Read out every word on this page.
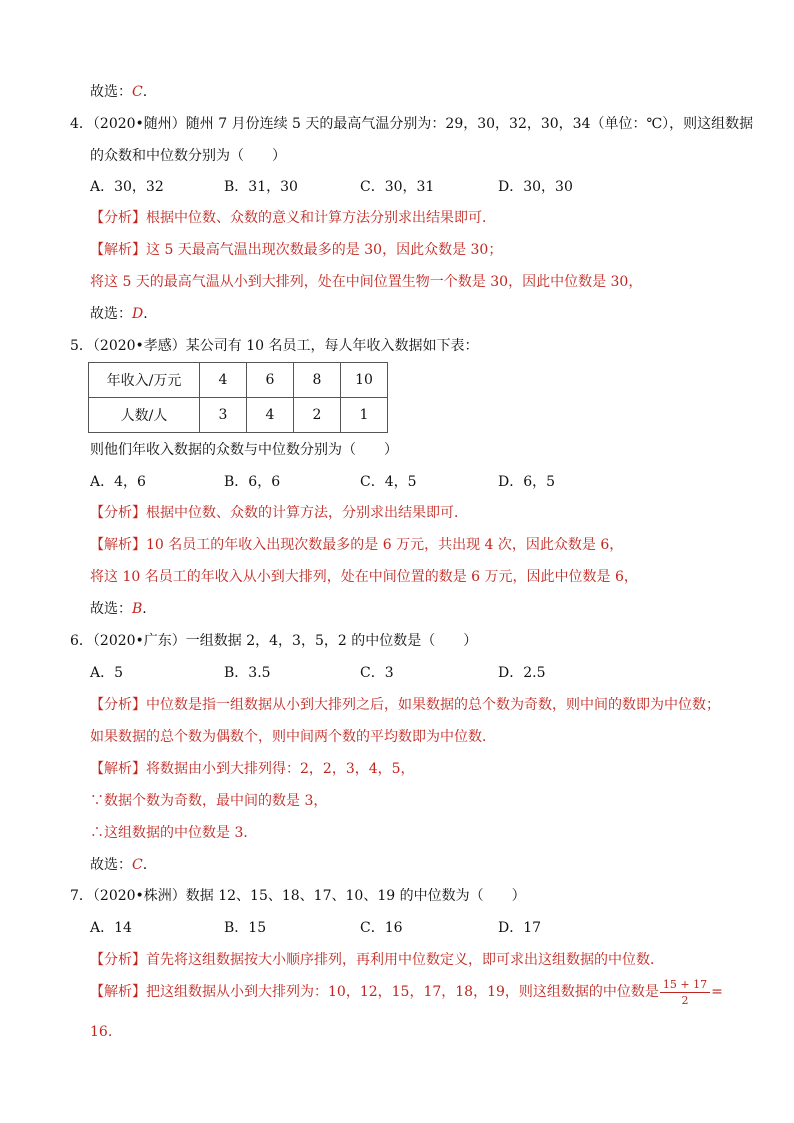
故选：C.
4．（2020•随州）随州 7 月份连续 5 天的最高气温分别为：29，30，32，30，34（单位：℃），则这组数据
的众数和中位数分别为（　　）
A．30，32	B．31，30	C．30，31	D．30，30
【分析】根据中位数、众数的意义和计算方法分别求出结果即可．
【解析】这 5 天最高气温出现次数最多的是 30，因此众数是 30；
将这 5 天的最高气温从小到大排列，处在中间位置生物一个数是 30，因此中位数是 30，
故选：D.
5．（2020•孝感）某公司有 10 名员工，每人年收入数据如下表：
年收入/万元	4	6	8	10
人数/人	3	4	2	1
则他们年收入数据的众数与中位数分别为（　　）
A．4，6	B．6，6	C．4，5	D．6，5
【分析】根据中位数、众数的计算方法，分别求出结果即可．
【解析】10 名员工的年收入出现次数最多的是 6 万元，共出现 4 次，因此众数是 6，
将这 10 名员工的年收入从小到大排列，处在中间位置的数是 6 万元，因此中位数是 6，
故选：B.
6．（2020•广东）一组数据 2，4，3，5，2 的中位数是（　　）
A．5	B．3.5	C．3	D．2.5
【分析】中位数是指一组数据从小到大排列之后，如果数据的总个数为奇数，则中间的数即为中位数；
如果数据的总个数为偶数个，则中间两个数的平均数即为中位数．
【解析】将数据由小到大排列得：2，2，3，4，5，
∵数据个数为奇数，最中间的数是 3，
∴这组数据的中位数是 3．
故选：C.
7．（2020•株洲）数据 12、15、18、17、10、19 的中位数为（　　）
A．14	B．15	C．16	D．17
【分析】首先将这组数据按大小顺序排列，再利用中位数定义，即可求出这组数据的中位数．
【解析】把这组数据从小到大排列为：10，12，15，17，18，19，则这组数据的中位数是 $\frac{15 + 17}{2}$ =
16.
